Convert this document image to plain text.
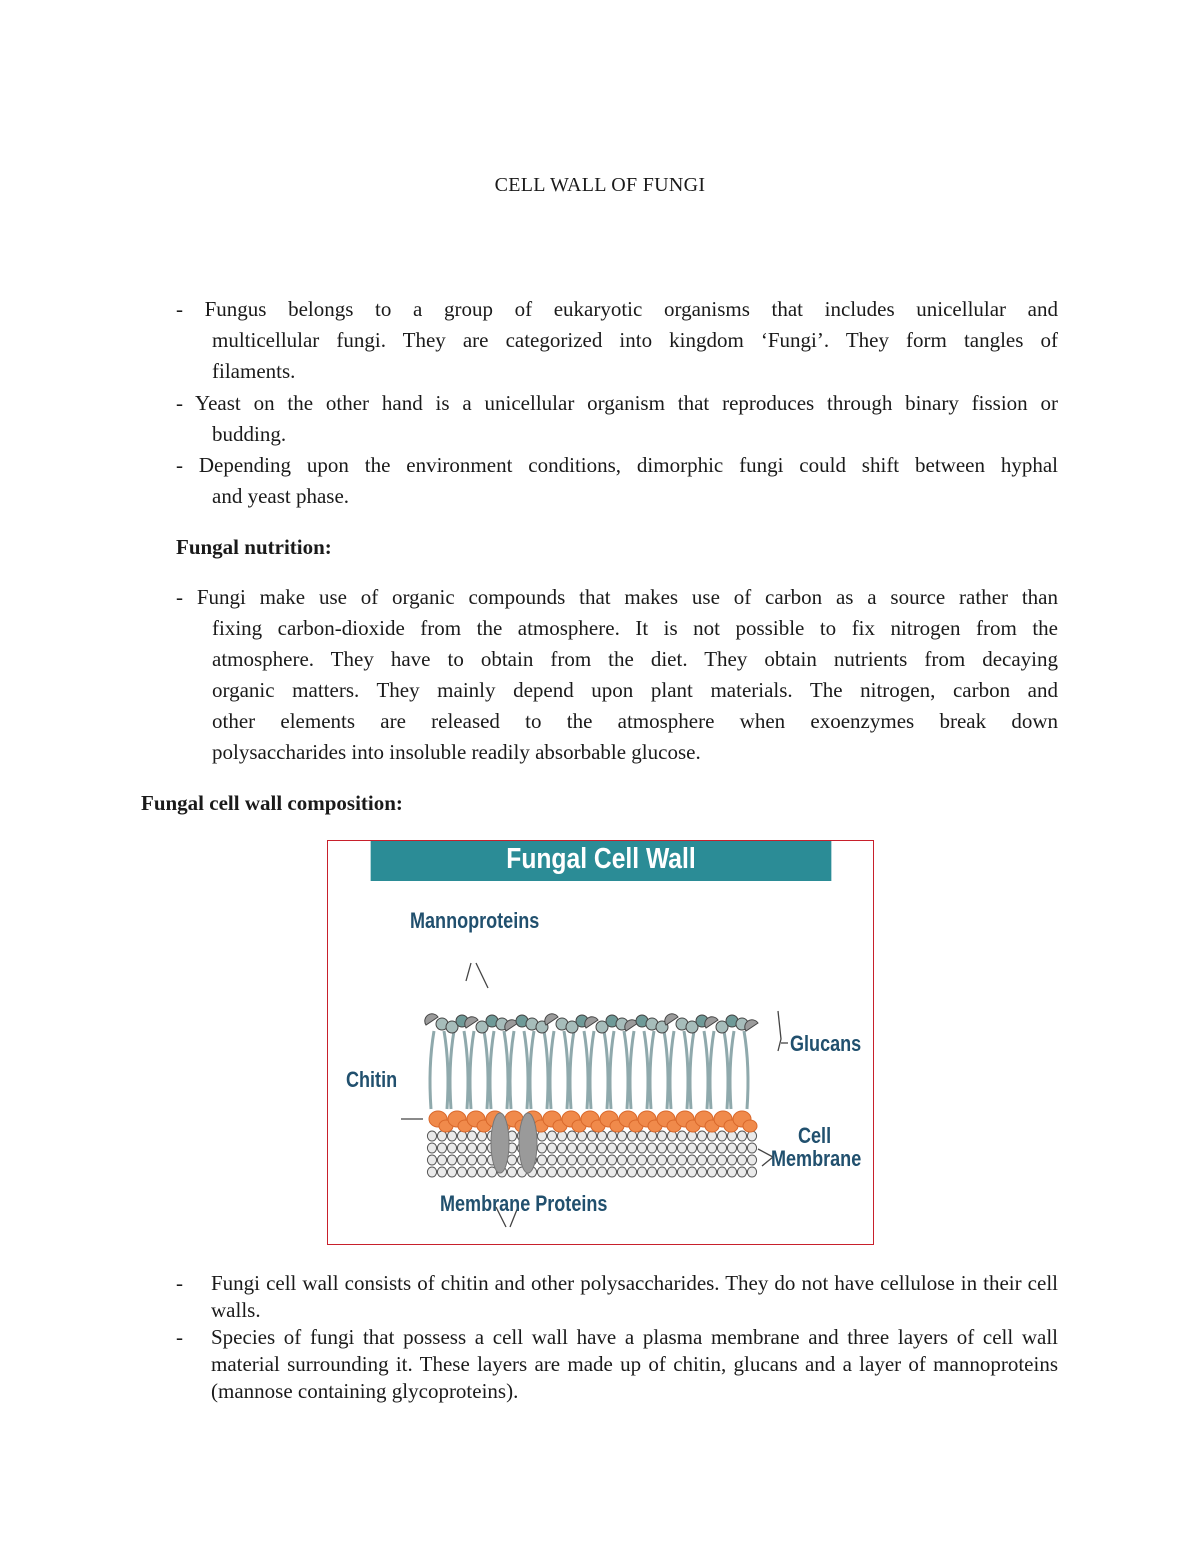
CELL WALL OF FUNGI
- Fungus belongs to a group of eukaryotic organisms that includes unicellular and
multicellular fungi. They are categorized into kingdom ‘Fungi’. They form tangles of
filaments.
- Yeast on the other hand is a unicellular organism that reproduces through binary fission or
budding.
- Depending upon the environment conditions, dimorphic fungi could shift between hyphal
and yeast phase.
Fungal nutrition:
- Fungi make use of organic compounds that makes use of carbon as a source rather than
fixing carbon-dioxide from the atmosphere. It is not possible to fix nitrogen from the
atmosphere. They have to obtain from the diet. They obtain nutrients from decaying
organic matters. They mainly depend upon plant materials. The nitrogen, carbon and
other elements are released to the atmosphere when exoenzymes break down
polysaccharides into insoluble readily absorbable glucose.
Fungal cell wall composition:
Fungal Cell Wall
Mannoproteins
Glucans
Chitin
Cell
Membrane
Membrane Proteins
- Fungi cell wall consists of chitin and other polysaccharides. They do not have cellulose in their cell walls.
- Species of fungi that possess a cell wall have a plasma membrane and three layers of cell wall material surrounding it. These layers are made up of chitin, glucans and a layer of mannoproteins (mannose containing glycoproteins).
